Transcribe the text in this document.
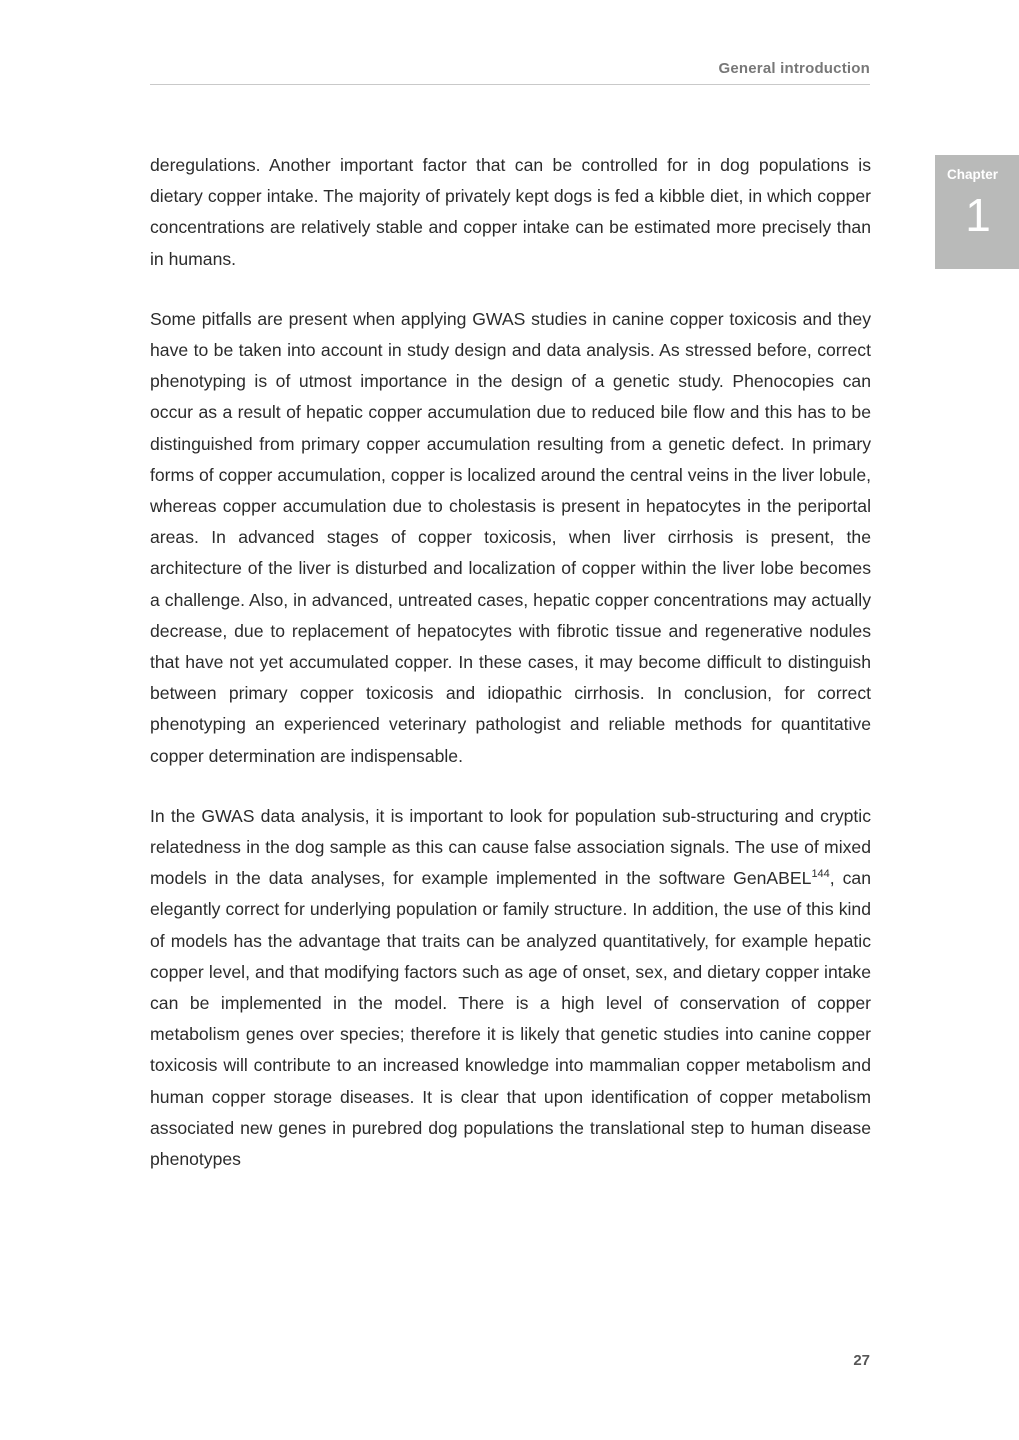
General introduction
Chapter
1

deregulations. Another important factor that can be controlled for in dog populations is dietary copper intake. The majority of privately kept dogs is fed a kibble diet, in which copper concentrations are relatively stable and copper intake can be estimated more precisely than in humans.

Some pitfalls are present when applying GWAS studies in canine copper toxicosis and they have to be taken into account in study design and data analysis. As stressed before, correct phenotyping is of utmost importance in the design of a genetic study. Phenocopies can occur as a result of hepatic copper accumulation due to reduced bile flow and this has to be distinguished from primary copper accumulation resulting from a genetic defect. In primary forms of copper accumulation, copper is localized around the central veins in the liver lobule, whereas copper accumulation due to cholestasis is present in hepatocytes in the periportal areas. In advanced stages of copper toxicosis, when liver cirrhosis is present, the architecture of the liver is disturbed and localization of copper within the liver lobe becomes a challenge. Also, in advanced, untreated cases, hepatic copper concentrations may actually decrease, due to replacement of hepatocytes with fibrotic tissue and regenerative nodules that have not yet accumulated copper. In these cases, it may become difficult to distinguish between primary copper toxicosis and idiopathic cirrhosis. In conclusion, for correct phenotyping an experienced veterinary pathologist and reliable methods for quantitative copper determination are indispensable.

In the GWAS data analysis, it is important to look for population sub-structuring and cryptic relatedness in the dog sample as this can cause false association signals. The use of mixed models in the data analyses, for example implemented in the software GenABEL$^{144}$, can elegantly correct for underlying population or family structure. In addition, the use of this kind of models has the advantage that traits can be analyzed quantitatively, for example hepatic copper level, and that modifying factors such as age of onset, sex, and dietary copper intake can be implemented in the model. There is a high level of conservation of copper metabolism genes over species; therefore it is likely that genetic studies into canine copper toxicosis will contribute to an increased knowledge into mammalian copper metabolism and human copper storage diseases. It is clear that upon identification of copper metabolism associated new genes in purebred dog populations the translational step to human disease phenotypes

27
